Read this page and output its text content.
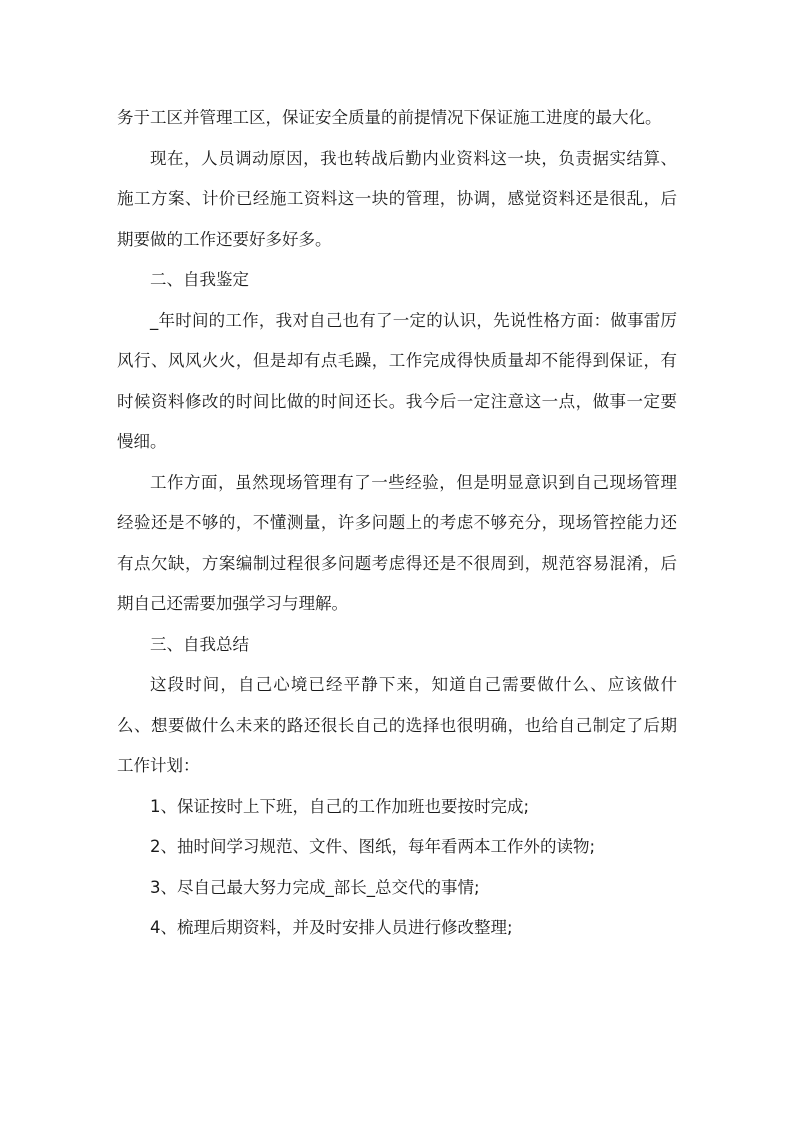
务于工区并管理工区，保证安全质量的前提情况下保证施工进度的最大化。

现在，人员调动原因，我也转战后勤内业资料这一块，负责据实结算、施工方案、计价已经施工资料这一块的管理，协调，感觉资料还是很乱，后期要做的工作还要好多好多。

二、自我鉴定

_年时间的工作，我对自己也有了一定的认识，先说性格方面：做事雷厉风行、风风火火，但是却有点毛躁，工作完成得快质量却不能得到保证，有时候资料修改的时间比做的时间还长。我今后一定注意这一点，做事一定要慢细。

工作方面，虽然现场管理有了一些经验，但是明显意识到自己现场管理经验还是不够的，不懂测量，许多问题上的考虑不够充分，现场管控能力还有点欠缺，方案编制过程很多问题考虑得还是不很周到，规范容易混淆，后期自己还需要加强学习与理解。

三、自我总结

这段时间，自己心境已经平静下来，知道自己需要做什么、应该做什么、想要做什么未来的路还很长自己的选择也很明确，也给自己制定了后期工作计划：

1、保证按时上下班，自己的工作加班也要按时完成;

2、抽时间学习规范、文件、图纸，每年看两本工作外的读物;

3、尽自己最大努力完成_部长_总交代的事情;

4、梳理后期资料，并及时安排人员进行修改整理;
